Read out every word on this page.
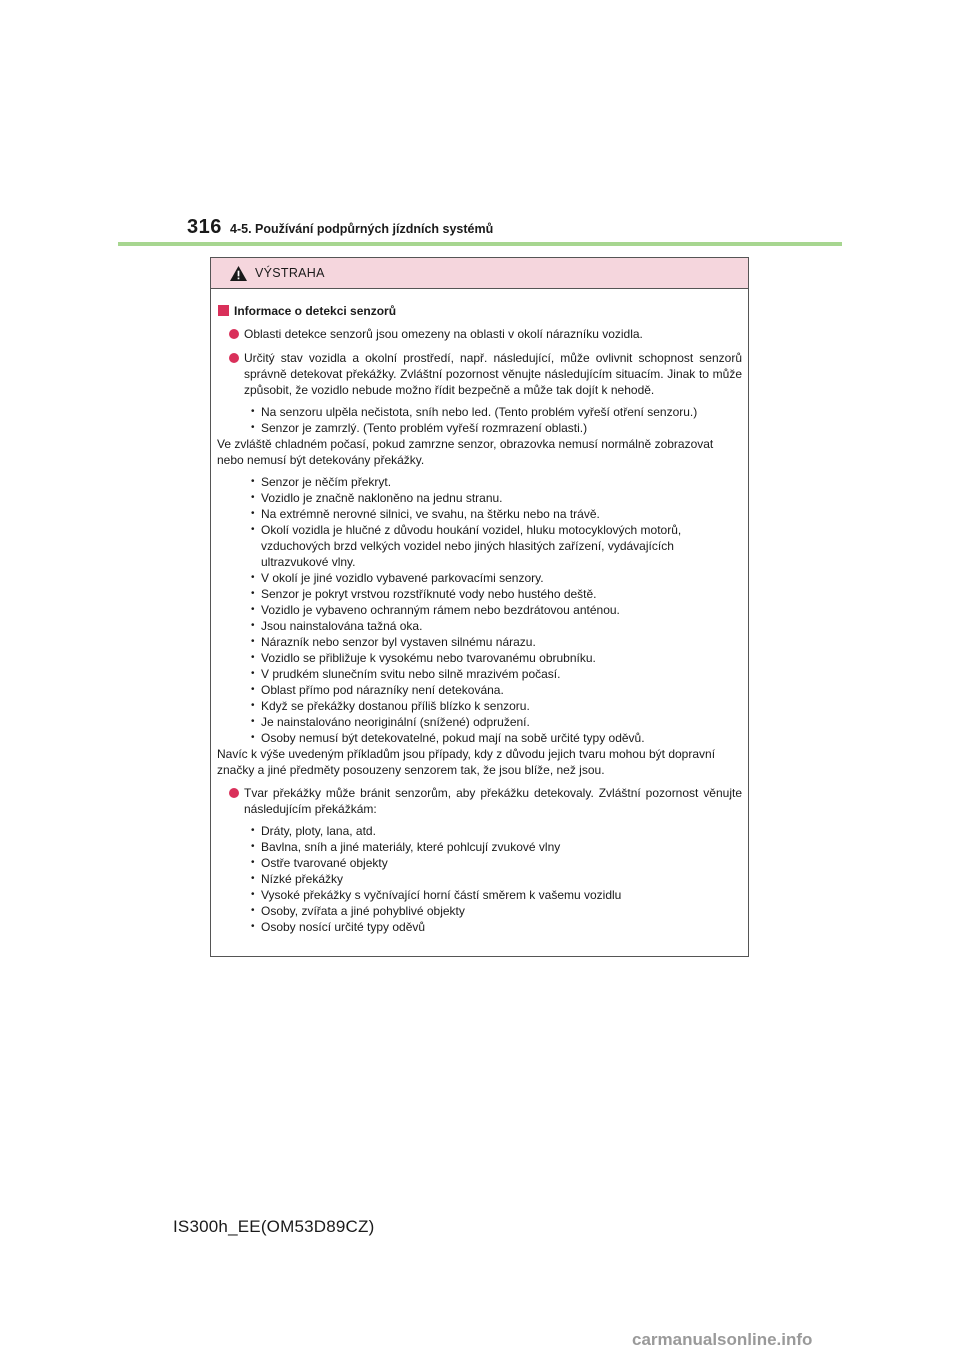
316 4-5. Používání podpůrných jízdních systémů
VÝSTRAHA
Informace o detekci senzorů
Oblasti detekce senzorů jsou omezeny na oblasti v okolí nárazníku vozidla.
Určitý stav vozidla a okolní prostředí, např. následující, může ovlivnit schopnost senzorů správně detekovat překážky. Zvláštní pozornost věnujte následujícím situacím. Jinak to může způsobit, že vozidlo nebude možno řídit bezpečně a může tak dojít k nehodě.
• Na senzoru ulpěla nečistota, sníh nebo led. (Tento problém vyřeší otření senzoru.)
• Senzor je zamrzlý. (Tento problém vyřeší rozmrazení oblasti.)

Ve zvláště chladném počasí, pokud zamrzne senzor, obrazovka nemusí normálně zobrazovat nebo nemusí být detekovány překážky.

• Senzor je něčím překryt.
• Vozidlo je značně nakloněno na jednu stranu.
• Na extrémně nerovné silnici, ve svahu, na štěrku nebo na trávě.
• Okolí vozidla je hlučné z důvodu houkání vozidel, hluku motocyklových motorů, vzduchových brzd velkých vozidel nebo jiných hlasitých zařízení, vydávajících ultrazvukové vlny.
• V okolí je jiné vozidlo vybavené parkovacími senzory.
• Senzor je pokryt vrstvou rozstříknuté vody nebo hustého deště.
• Vozidlo je vybaveno ochranným rámem nebo bezdrátovou anténou.
• Jsou nainstalována tažná oka.
• Nárazník nebo senzor byl vystaven silnému nárazu.
• Vozidlo se přibližuje k vysokému nebo tvarovanému obrubníku.
• V prudkém slunečním svitu nebo silně mrazivém počasí.
• Oblast přímo pod nárazníky není detekována.
• Když se překážky dostanou příliš blízko k senzoru.
• Je nainstalováno neoriginální (snížené) odpružení.
• Osoby nemusí být detekovatelné, pokud mají na sobě určité typy oděvů.

Navíc k výše uvedeným příkladům jsou případy, kdy z důvodu jejich tvaru mohou být dopravní značky a jiné předměty posouzeny senzorem tak, že jsou blíže, než jsou.

Tvar překážky může bránit senzorům, aby překážku detekovaly. Zvláštní pozornost věnujte následujícím překážkám:
• Dráty, ploty, lana, atd.
• Bavlna, sníh a jiné materiály, které pohlcují zvukové vlny
• Ostře tvarované objekty
• Nízké překážky
• Vysoké překážky s vyčnívající horní částí směrem k vašemu vozidlu
• Osoby, zvířata a jiné pohyblivé objekty
• Osoby nosící určité typy oděvů
IS300h_EE(OM53D89CZ)
carmanualsonline.info
